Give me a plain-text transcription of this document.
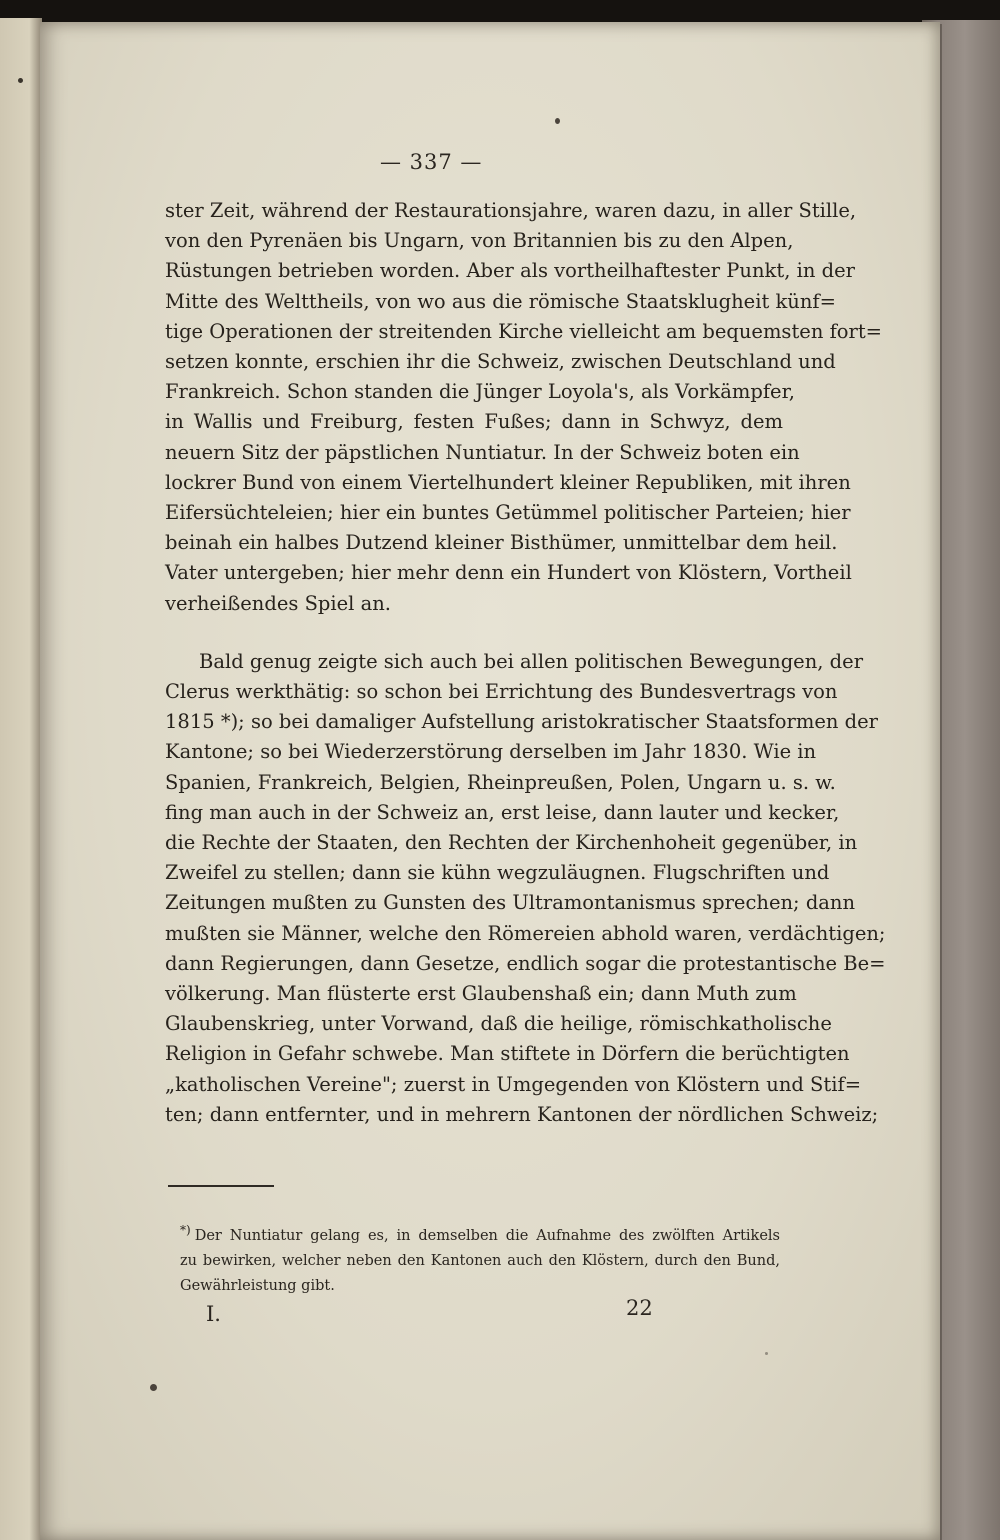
— 337 —
ster Zeit, während der Restaurationsjahre, waren dazu, in aller Stille,
von den Pyrenäen bis Ungarn, von Britannien bis zu den Alpen,
Rüstungen betrieben worden. Aber als vortheilhaftester Punkt, in der
Mitte des Welttheils, von wo aus die römische Staatsklugheit künf=
tige Operationen der streitenden Kirche vielleicht am bequemsten fort=
setzen konnte, erschien ihr die Schweiz, zwischen Deutschland und
Frankreich. Schon standen die Jünger Loyola's, als Vorkämpfer,
in Wallis und Freiburg, festen Fußes; dann in Schwyz, dem
neuern Sitz der päpstlichen Nuntiatur. In der Schweiz boten ein
lockrer Bund von einem Viertelhundert kleiner Republiken, mit ihren
Eifersüchteleien; hier ein buntes Getümmel politischer Parteien; hier
beinah ein halbes Dutzend kleiner Bisthümer, unmittelbar dem heil.
Vater untergeben; hier mehr denn ein Hundert von Klöstern, Vortheil
verheißendes Spiel an.
Bald genug zeigte sich auch bei allen politischen Bewegungen, der
Clerus werkthätig: so schon bei Errichtung des Bundesvertrags von
1815 *); so bei damaliger Aufstellung aristokratischer Staatsformen der
Kantone; so bei Wiederzerstörung derselben im Jahr 1830. Wie in
Spanien, Frankreich, Belgien, Rheinpreußen, Polen, Ungarn u. s. w.
fing man auch in der Schweiz an, erst leise, dann lauter und kecker,
die Rechte der Staaten, den Rechten der Kirchenhoheit gegenüber, in
Zweifel zu stellen; dann sie kühn wegzuläugnen. Flugschriften und
Zeitungen mußten zu Gunsten des Ultramontanismus sprechen; dann
mußten sie Männer, welche den Römereien abhold waren, verdächtigen;
dann Regierungen, dann Gesetze, endlich sogar die protestantische Be=
völkerung. Man flüsterte erst Glaubenshaß ein; dann Muth zum
Glaubenskrieg, unter Vorwand, daß die heilige, römischkatholische
Religion in Gefahr schwebe. Man stiftete in Dörfern die berüchtigten
„katholischen Vereine"; zuerst in Umgegenden von Klöstern und Stif=
ten; dann entfernter, und in mehrern Kantonen der nördlichen Schweiz;
*) Der Nuntiatur gelang es, in demselben die Aufnahme des zwölften Artikels
zu bewirken, welcher neben den Kantonen auch den Klöstern, durch den Bund,
Gewährleistung gibt.
I.	22
